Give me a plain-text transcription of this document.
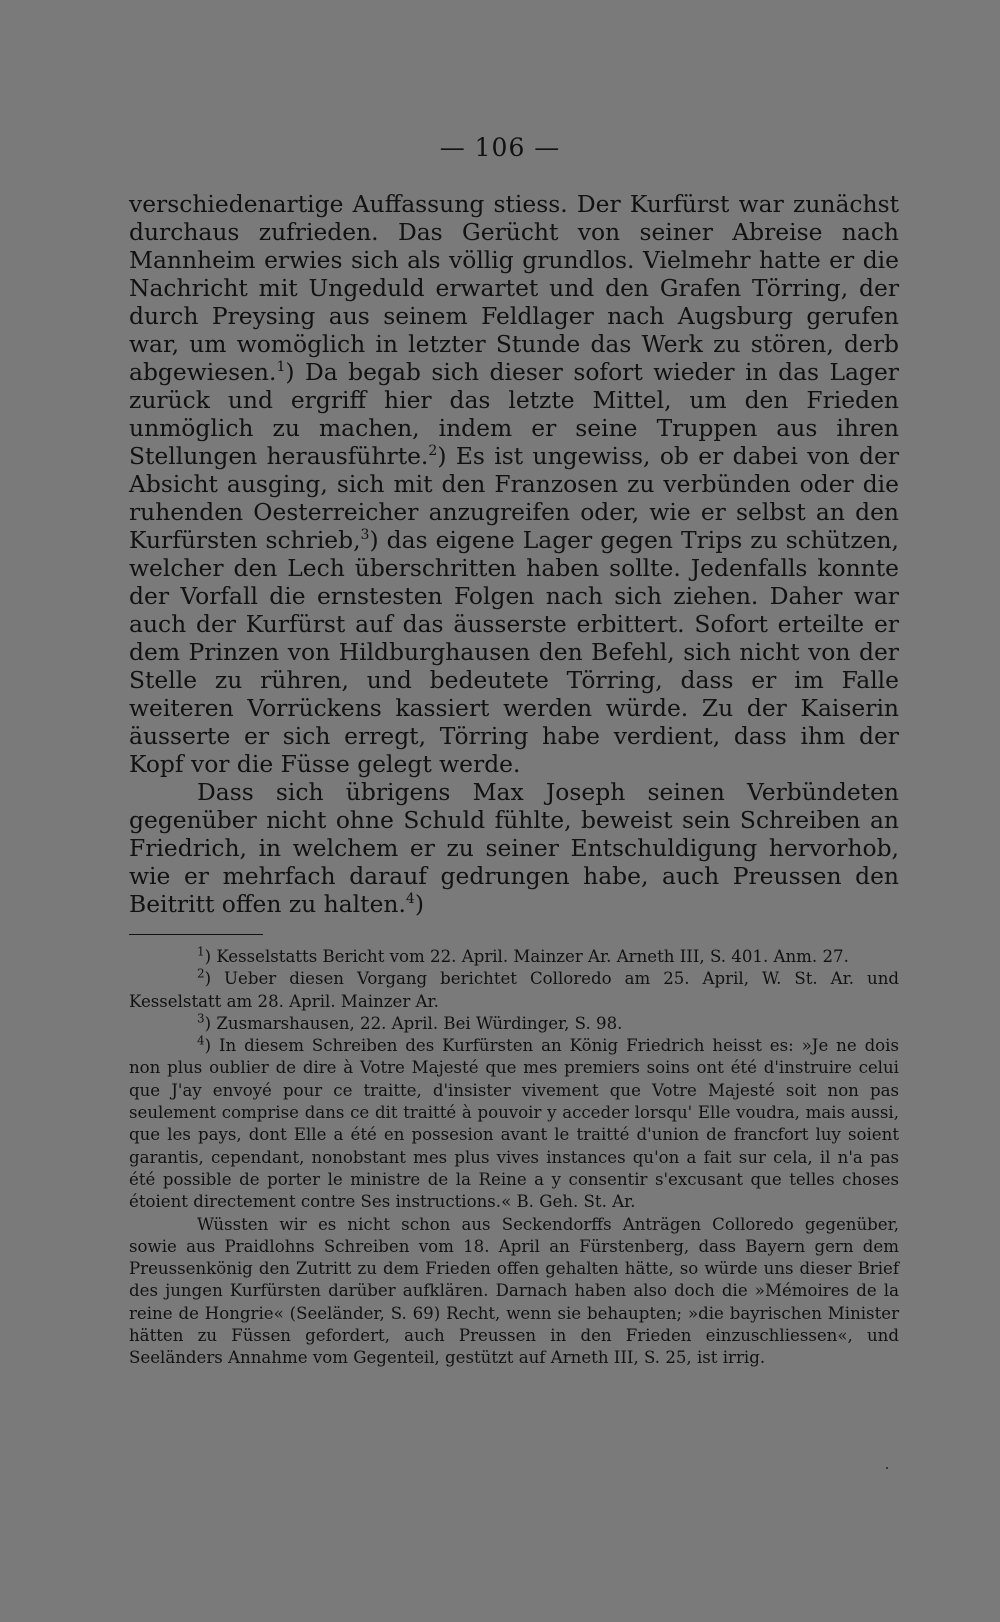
— 106 —

verschiedenartige Auffassung stiess. Der Kurfürst war zunächst durchaus zufrieden. Das Gerücht von seiner Abreise nach Mannheim erwies sich als völlig grundlos. Vielmehr hatte er die Nachricht mit Ungeduld erwartet und den Grafen Törring, der durch Preysing aus seinem Feldlager nach Augsburg gerufen war, um womöglich in letzter Stunde das Werk zu stören, derb abgewiesen.$^1$) Da begab sich dieser sofort wieder in das Lager zurück und ergriff hier das letzte Mittel, um den Frieden unmöglich zu machen, indem er seine Truppen aus ihren Stellungen herausführte.$^2$) Es ist ungewiss, ob er dabei von der Absicht ausging, sich mit den Franzosen zu verbünden oder die ruhenden Oesterreicher anzugreifen oder, wie er selbst an den Kurfürsten schrieb,$^3$) das eigene Lager gegen Trips zu schützen, welcher den Lech überschritten haben sollte. Jedenfalls konnte der Vorfall die ernstesten Folgen nach sich ziehen. Daher war auch der Kurfürst auf das äusserste erbittert. Sofort erteilte er dem Prinzen von Hildburghausen den Befehl, sich nicht von der Stelle zu rühren, und bedeutete Törring, dass er im Falle weiteren Vorrückens kassiert werden würde. Zu der Kaiserin äusserte er sich erregt, Törring habe verdient, dass ihm der Kopf vor die Füsse gelegt werde.

Dass sich übrigens Max Joseph seinen Verbündeten gegenüber nicht ohne Schuld fühlte, beweist sein Schreiben an Friedrich, in welchem er zu seiner Entschuldigung hervorhob, wie er mehrfach darauf gedrungen habe, auch Preussen den Beitritt offen zu halten.$^4$)

$^1$) Kesselstatts Bericht vom 22. April. Mainzer Ar. Arneth III, S. 401. Anm. 27.

$^2$) Ueber diesen Vorgang berichtet Colloredo am 25. April, W. St. Ar. und Kesselstatt am 28. April. Mainzer Ar.

$^3$) Zusmarshausen, 22. April. Bei Würdinger, S. 98.

$^4$) In diesem Schreiben des Kurfürsten an König Friedrich heisst es: »Je ne dois non plus oublier de dire à Votre Majesté que mes premiers soins ont été d'instruire celui que J'ay envoyé pour ce traitte, d'insister vivement que Votre Majesté soit non pas seulement comprise dans ce dit traitté à pouvoir y acceder lorsqu' Elle voudra, mais aussi, que les pays, dont Elle a été en possesion avant le traitté d'union de francfort luy soient garantis, cependant, nonobstant mes plus vives instances qu'on a fait sur cela, il n'a pas été possible de porter le ministre de la Reine a y consentir s'excusant que telles choses étoient directement contre Ses instructions.« B. Geh. St. Ar.

Wüssten wir es nicht schon aus Seckendorffs Anträgen Colloredo gegenüber, sowie aus Praidlohns Schreiben vom 18. April an Fürstenberg, dass Bayern gern dem Preussenkönig den Zutritt zu dem Frieden offen gehalten hätte, so würde uns dieser Brief des jungen Kurfürsten darüber aufklären. Darnach haben also doch die »Mémoires de la reine de Hongrie« (Seeländer, S. 69) Recht, wenn sie behaupten; »die bayrischen Minister hätten zu Füssen gefordert, auch Preussen in den Frieden einzuschliessen«, und Seeländers Annahme vom Gegenteil, gestützt auf Arneth III, S. 25, ist irrig.
